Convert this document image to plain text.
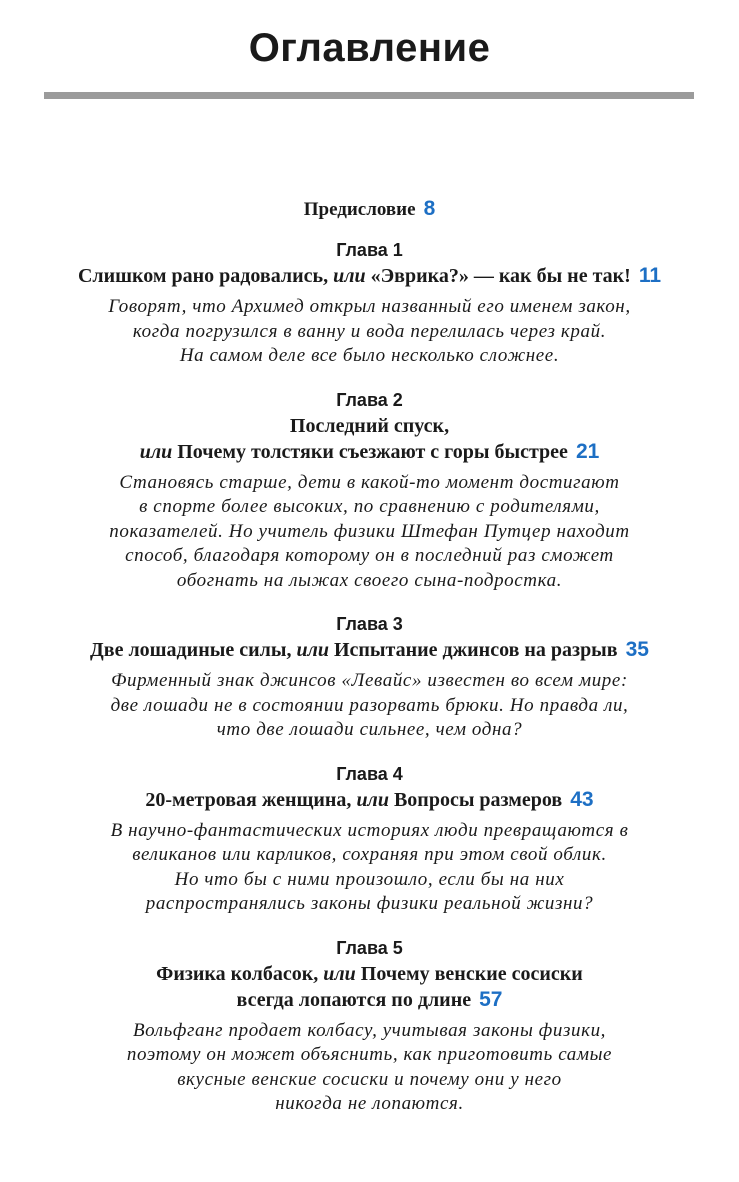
Оглавление
Предисловие 8
Глава 1
Слишком рано радовались, или «Эврика?» — как бы не так! 11
Говорят, что Архимед открыл названный его именем закон,
когда погрузился в ванну и вода перелилась через край.
На самом деле все было несколько сложнее.
Глава 2
Последний спуск,
или Почему толстяки съезжают с горы быстрее 21
Становясь старше, дети в какой-то момент достигают
в спорте более высоких, по сравнению с родителями,
показателей. Но учитель физики Штефан Путцер находит
способ, благодаря которому он в последний раз сможет
обогнать на лыжах своего сына-подростка.
Глава 3
Две лошадиные силы, или Испытание джинсов на разрыв 35
Фирменный знак джинсов «Левайс» известен во всем мире:
две лошади не в состоянии разорвать брюки. Но правда ли,
что две лошади сильнее, чем одна?
Глава 4
20-метровая женщина, или Вопросы размеров 43
В научно-фантастических историях люди превращаются в
великанов или карликов, сохраняя при этом свой облик.
Но что бы с ними произошло, если бы на них
распространялись законы физики реальной жизни?
Глава 5
Физика колбасок, или Почему венские сосиски
всегда лопаются по длине 57
Вольфганг продает колбасу, учитывая законы физики,
поэтому он может объяснить, как приготовить самые
вкусные венские сосиски и почему они у него
никогда не лопаются.
